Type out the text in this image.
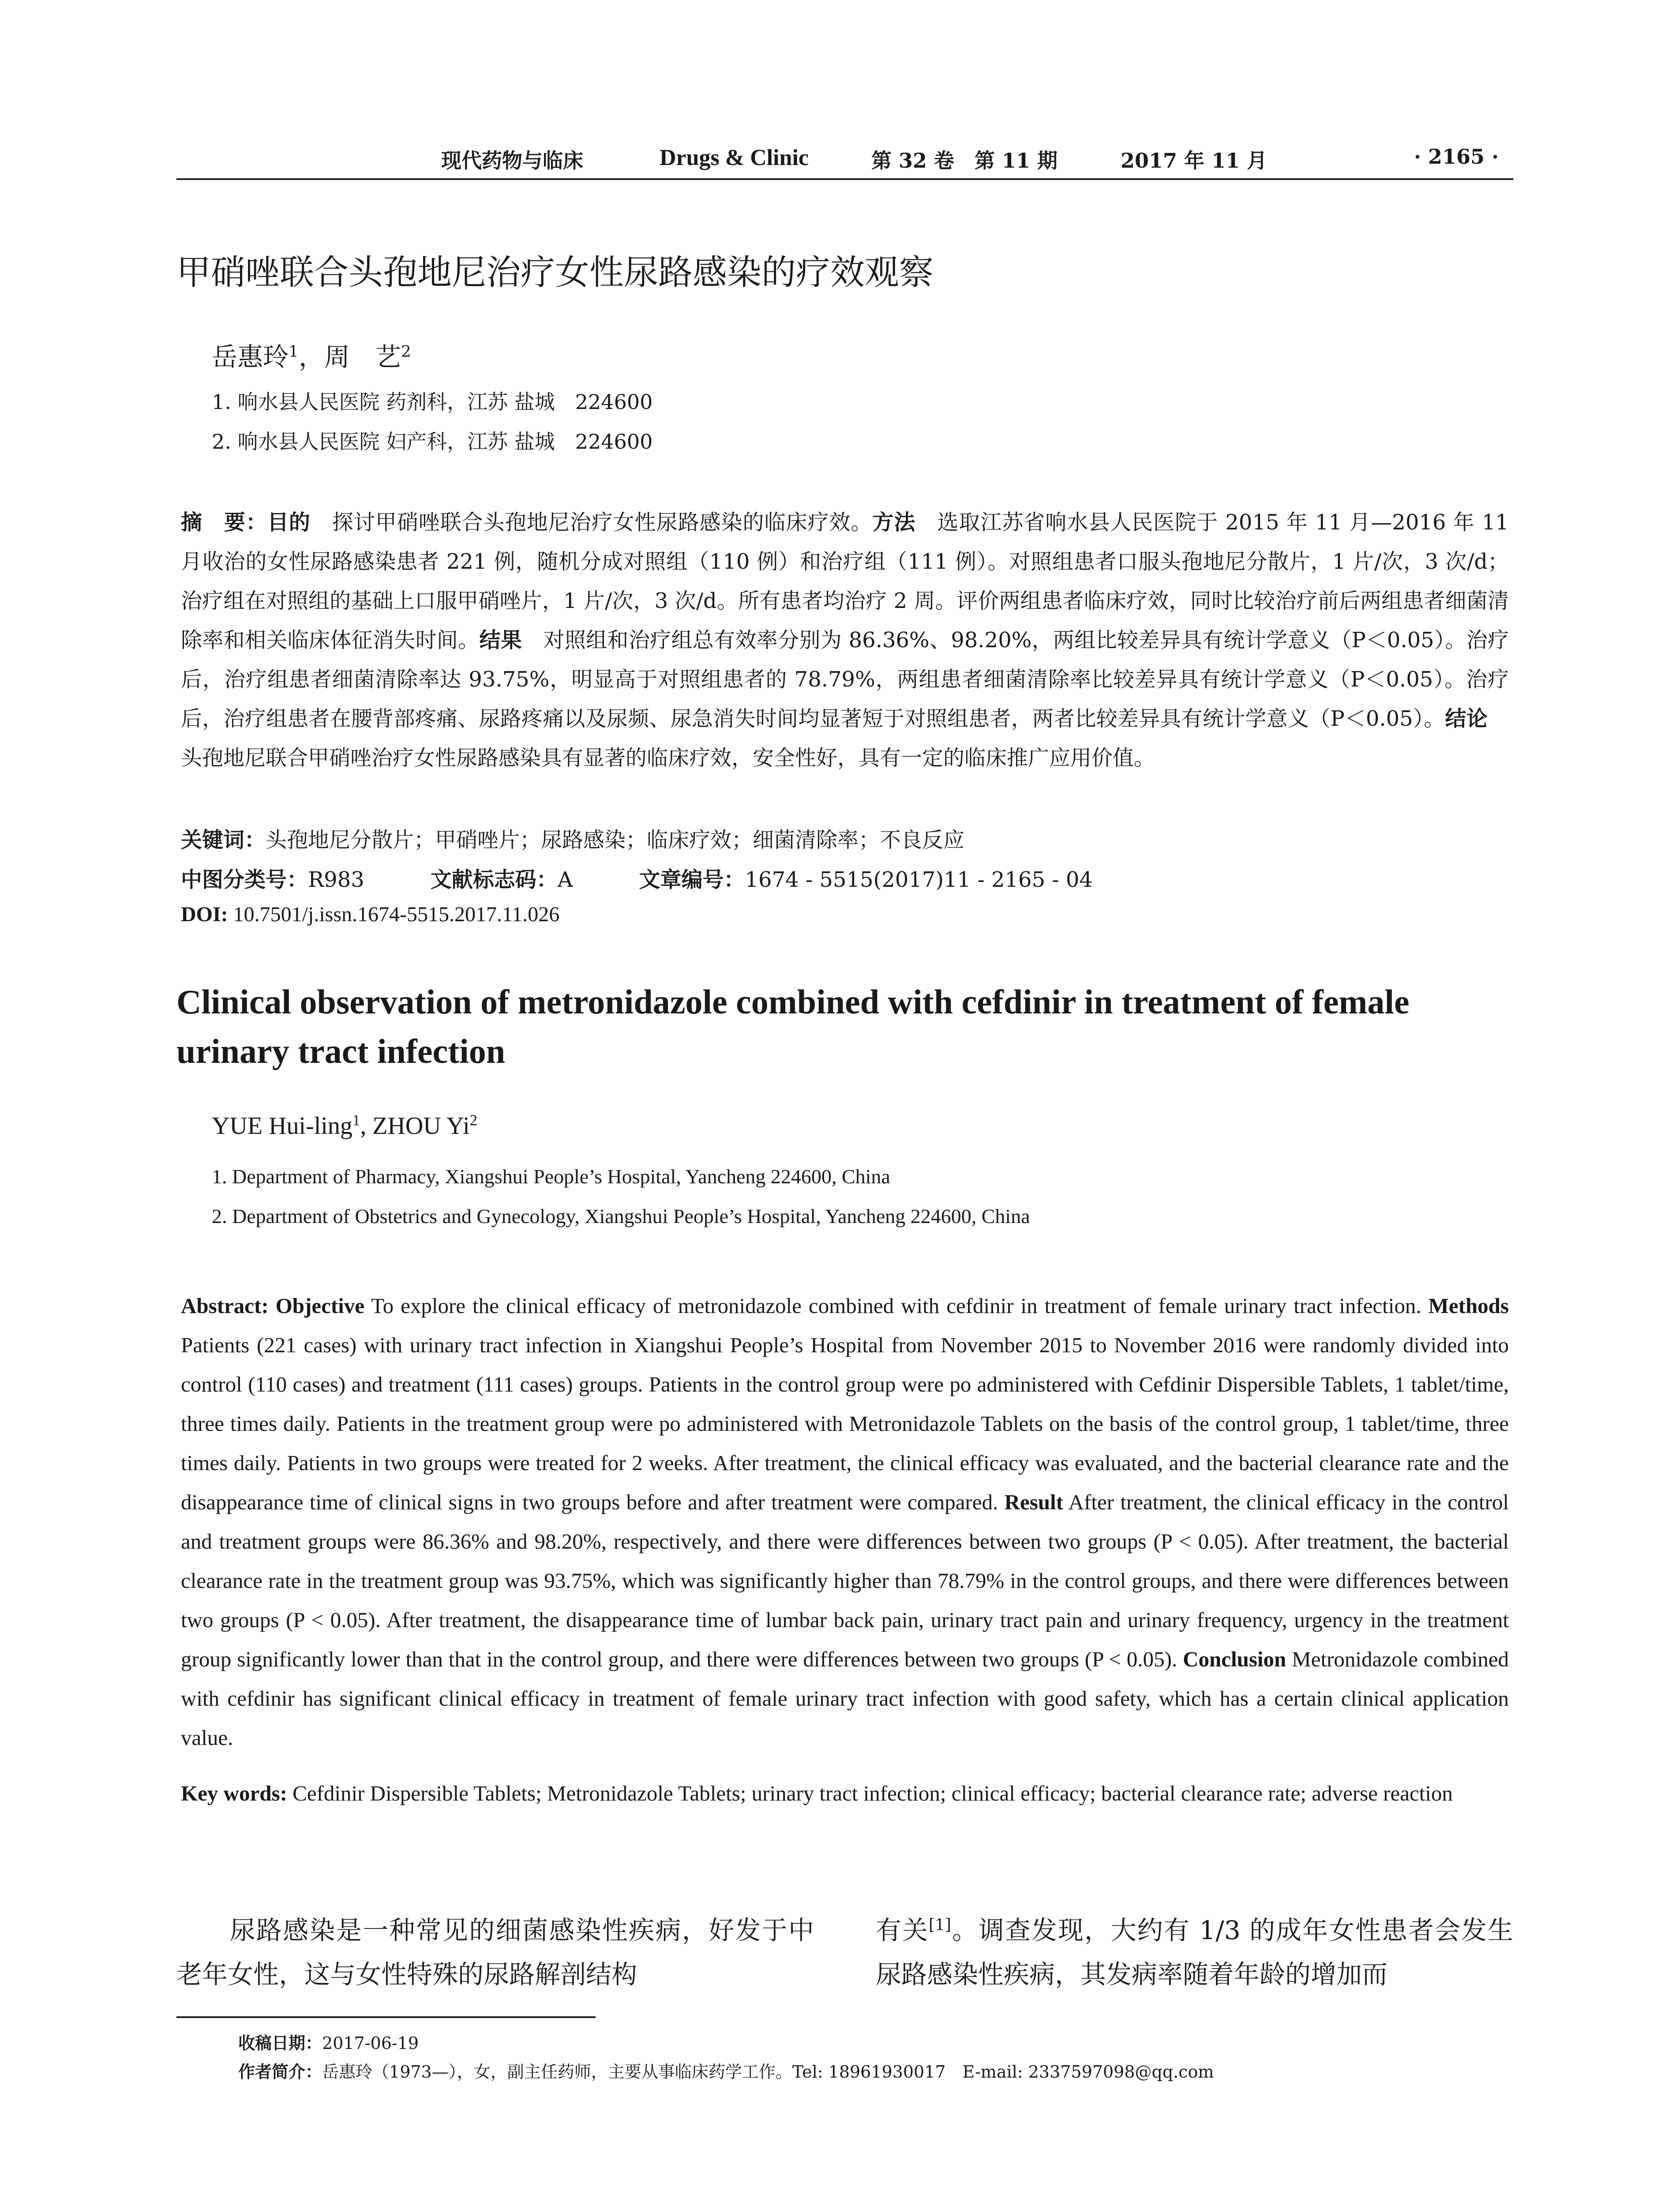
现代药物与临床	Drugs & Clinic	第 32 卷　第 11 期	2017 年 11 月	· 2165 ·
甲硝唑联合头孢地尼治疗女性尿路感染的疗效观察
岳惠玲$^1$，周　艺$^2$
1. 响水县人民医院 药剂科，江苏 盐城　224600
2. 响水县人民医院 妇产科，江苏 盐城　224600
摘　要：目的　探讨甲硝唑联合头孢地尼治疗女性尿路感染的临床疗效。方法　选取江苏省响水县人民医院于 2015 年 11 月—2016 年 11 月收治的女性尿路感染患者 221 例，随机分成对照组（110 例）和治疗组（111 例）。对照组患者口服头孢地尼分散片，1 片/次，3 次/d；治疗组在对照组的基础上口服甲硝唑片，1 片/次，3 次/d。所有患者均治疗 2 周。评价两组患者临床疗效，同时比较治疗前后两组患者细菌清除率和相关临床体征消失时间。结果　对照组和治疗组总有效率分别为 86.36%、98.20%，两组比较差异具有统计学意义（P＜0.05）。治疗后，治疗组患者细菌清除率达 93.75%，明显高于对照组患者的 78.79%，两组患者细菌清除率比较差异具有统计学意义（P＜0.05）。治疗后，治疗组患者在腰背部疼痛、尿路疼痛以及尿频、尿急消失时间均显著短于对照组患者，两者比较差异具有统计学意义（P＜0.05）。结论　头孢地尼联合甲硝唑治疗女性尿路感染具有显著的临床疗效，安全性好，具有一定的临床推广应用价值。
关键词：头孢地尼分散片；甲硝唑片；尿路感染；临床疗效；细菌清除率；不良反应
中图分类号：R983	文献标志码：A	文章编号：1674 - 5515(2017)11 - 2165 - 04
DOI: 10.7501/j.issn.1674-5515.2017.11.026
Clinical observation of metronidazole combined with cefdinir in treatment of female urinary tract infection
YUE Hui-ling$^1$, ZHOU Yi$^2$
1. Department of Pharmacy, Xiangshui People’s Hospital, Yancheng 224600, China
2. Department of Obstetrics and Gynecology, Xiangshui People’s Hospital, Yancheng 224600, China
Abstract: Objective To explore the clinical efficacy of metronidazole combined with cefdinir in treatment of female urinary tract infection. Methods Patients (221 cases) with urinary tract infection in Xiangshui People’s Hospital from November 2015 to November 2016 were randomly divided into control (110 cases) and treatment (111 cases) groups. Patients in the control group were po administered with Cefdinir Dispersible Tablets, 1 tablet/time, three times daily. Patients in the treatment group were po administered with Metronidazole Tablets on the basis of the control group, 1 tablet/time, three times daily. Patients in two groups were treated for 2 weeks. After treatment, the clinical efficacy was evaluated, and the bacterial clearance rate and the disappearance time of clinical signs in two groups before and after treatment were compared. Result After treatment, the clinical efficacy in the control and treatment groups were 86.36% and 98.20%, respectively, and there were differences between two groups (P < 0.05). After treatment, the bacterial clearance rate in the treatment group was 93.75%, which was significantly higher than 78.79% in the control groups, and there were differences between two groups (P < 0.05). After treatment, the disappearance time of lumbar back pain, urinary tract pain and urinary frequency, urgency in the treatment group significantly lower than that in the control group, and there were differences between two groups (P < 0.05). Conclusion Metronidazole combined with cefdinir has significant clinical efficacy in treatment of female urinary tract infection with good safety, which has a certain clinical application value.
Key words: Cefdinir Dispersible Tablets; Metronidazole Tablets; urinary tract infection; clinical efficacy; bacterial clearance rate; adverse reaction
　　尿路感染是一种常见的细菌感染性疾病，好发于中老年女性，这与女性特殊的尿路解剖结构
有关[1]。调查发现，大约有 1/3 的成年女性患者会发生尿路感染性疾病，其发病率随着年龄的增加而
收稿日期：2017-06-19
作者简介：岳惠玲（1973—），女，副主任药师，主要从事临床药学工作。Tel: 18961930017　E-mail: 2337597098@qq.com
